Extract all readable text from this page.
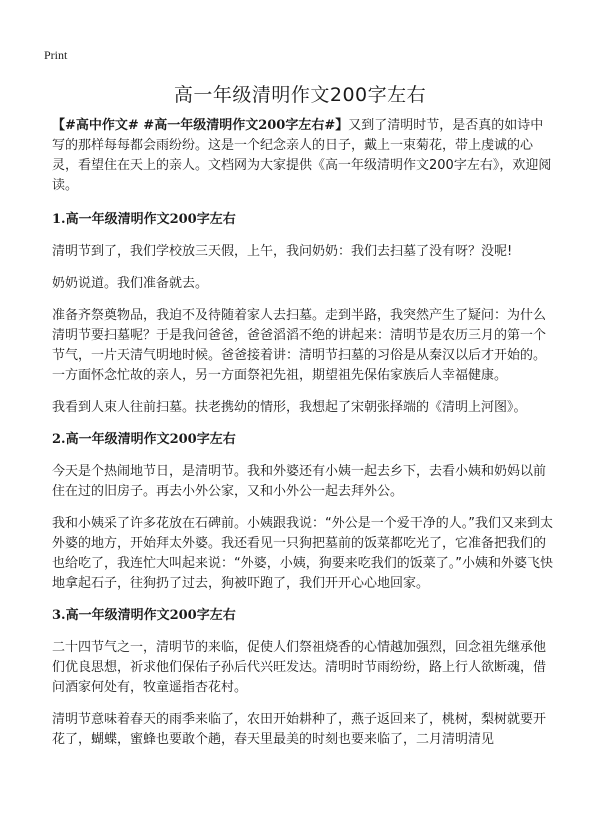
Print
高一年级清明作文200字左右

【#高中作文# #高一年级清明作文200字左右#】又到了清明时节，是否真的如诗中写的那样每每都会雨纷纷。这是一个纪念亲人的日子，戴上一束菊花，带上虔诚的心灵，看望住在天上的亲人。文档网为大家提供《高一年级清明作文200字左右》，欢迎阅读。

1.高一年级清明作文200字左右

清明节到了，我们学校放三天假，上午，我问奶奶：我们去扫墓了没有呀？没呢!

奶奶说道。我们准备就去。

准备齐祭奠物品，我迫不及待随着家人去扫墓。走到半路，我突然产生了疑问：为什么清明节要扫墓呢？于是我问爸爸，爸爸滔滔不绝的讲起来：清明节是农历三月的第一个节气，一片天清气明地时候。爸爸接着讲：清明节扫墓的习俗是从秦汉以后才开始的。一方面怀念忙故的亲人，另一方面祭祀先祖，期望祖先保佑家族后人幸福健康。

我看到人束人往前扫墓。扶老携幼的情形，我想起了宋朝张择端的《清明上河图》。

2.高一年级清明作文200字左右

今天是个热闹地节日，是清明节。我和外婆还有小姨一起去乡下，去看小姨和奶妈以前住在过的旧房子。再去小外公家，又和小外公一起去拜外公。

我和小姨采了许多花放在石碑前。小姨跟我说：“外公是一个爱干净的人。”我们又来到太外婆的地方，开始拜太外婆。我还看见一只狗把墓前的饭菜都吃光了，它准备把我们的也给吃了，我连忙大叫起来说：“外婆，小姨，狗要来吃我们的饭菜了。”小姨和外婆飞快地拿起石子，往狗扔了过去，狗被吓跑了，我们开开心心地回家。

3.高一年级清明作文200字左右

二十四节气之一，清明节的来临，促使人们祭祖烧香的心情越加强烈，回念祖先继承他们优良思想，祈求他们保佑子孙后代兴旺发达。清明时节雨纷纷，路上行人欲断魂，借问酒家何处有，牧童遥指杏花村。

清明节意味着春天的雨季来临了，农田开始耕种了，燕子返回来了，桃树，梨树就要开花了，蝴蝶，蜜蜂也要敢个趟，春天里最美的时刻也要来临了，二月清明清见
